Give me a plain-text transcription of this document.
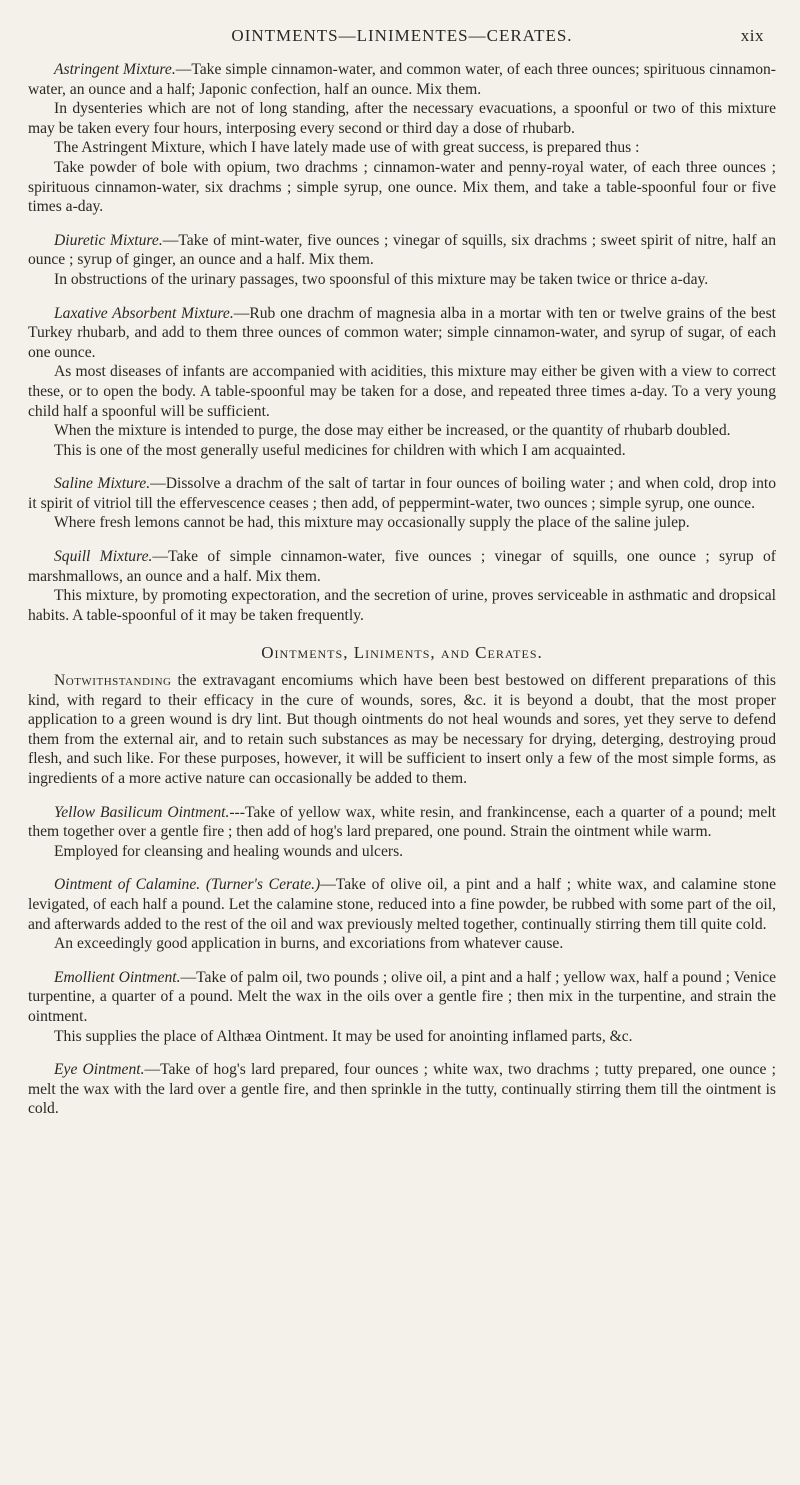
OINTMENTS—LINIMENTES—CERATES.	xix

Astringent Mixture.—Take simple cinnamon-water, and common water, of each three ounces; spirituous cinnamon-water, an ounce and a half; Japonic confection, half an ounce. Mix them.

In dysenteries which are not of long standing, after the necessary evacuations, a spoonful or two of this mixture may be taken every four hours, interposing every second or third day a dose of rhubarb.

The Astringent Mixture, which I have lately made use of with great success, is prepared thus :

Take powder of bole with opium, two drachms ; cinnamon-water and penny-royal water, of each three ounces ; spirituous cinnamon-water, six drachms ; simple syrup, one ounce. Mix them, and take a table-spoonful four or five times a-day.

Diuretic Mixture.—Take of mint-water, five ounces ; vinegar of squills, six drachms ; sweet spirit of nitre, half an ounce ; syrup of ginger, an ounce and a half. Mix them.

In obstructions of the urinary passages, two spoonsful of this mixture may be taken twice or thrice a-day.

Laxative Absorbent Mixture.—Rub one drachm of magnesia alba in a mortar with ten or twelve grains of the best Turkey rhubarb, and add to them three ounces of common water; simple cinnamon-water, and syrup of sugar, of each one ounce.

As most diseases of infants are accompanied with acidities, this mixture may either be given with a view to correct these, or to open the body. A table-spoonful may be taken for a dose, and repeated three times a-day. To a very young child half a spoonful will be sufficient.

When the mixture is intended to purge, the dose may either be increased, or the quantity of rhubarb doubled.

This is one of the most generally useful medicines for children with which I am acquainted.

Saline Mixture.—Dissolve a drachm of the salt of tartar in four ounces of boiling water ; and when cold, drop into it spirit of vitriol till the effervescence ceases ; then add, of peppermint-water, two ounces ; simple syrup, one ounce.

Where fresh lemons cannot be had, this mixture may occasionally supply the place of the saline julep.

Squill Mixture.—Take of simple cinnamon-water, five ounces ; vinegar of squills, one ounce ; syrup of marshmallows, an ounce and a half. Mix them.

This mixture, by promoting expectoration, and the secretion of urine, proves serviceable in asthmatic and dropsical habits. A table-spoonful of it may be taken frequently.

Ointments, Liniments, and Cerates.

Notwithstanding the extravagant encomiums which have been best bestowed on different preparations of this kind, with regard to their efficacy in the cure of wounds, sores, &c. it is beyond a doubt, that the most proper application to a green wound is dry lint. But though ointments do not heal wounds and sores, yet they serve to defend them from the external air, and to retain such substances as may be necessary for drying, deterging, destroying proud flesh, and such like. For these purposes, however, it will be sufficient to insert only a few of the most simple forms, as ingredients of a more active nature can occasionally be added to them.

Yellow Basilicum Ointment.---Take of yellow wax, white resin, and frankincense, each a quarter of a pound; melt them together over a gentle fire ; then add of hog's lard prepared, one pound. Strain the ointment while warm.

Employed for cleansing and healing wounds and ulcers.

Ointment of Calamine. (Turner's Cerate.)—Take of olive oil, a pint and a half ; white wax, and calamine stone levigated, of each half a pound. Let the calamine stone, reduced into a fine powder, be rubbed with some part of the oil, and afterwards added to the rest of the oil and wax previously melted together, continually stirring them till quite cold.

An exceedingly good application in burns, and excoriations from whatever cause.

Emollient Ointment.—Take of palm oil, two pounds ; olive oil, a pint and a half ; yellow wax, half a pound ; Venice turpentine, a quarter of a pound. Melt the wax in the oils over a gentle fire ; then mix in the turpentine, and strain the ointment.

This supplies the place of Althæa Ointment. It may be used for anointing inflamed parts, &c.

Eye Ointment.—Take of hog's lard prepared, four ounces ; white wax, two drachms ; tutty prepared, one ounce ; melt the wax with the lard over a gentle fire, and then sprinkle in the tutty, continually stirring them till the ointment is cold.
